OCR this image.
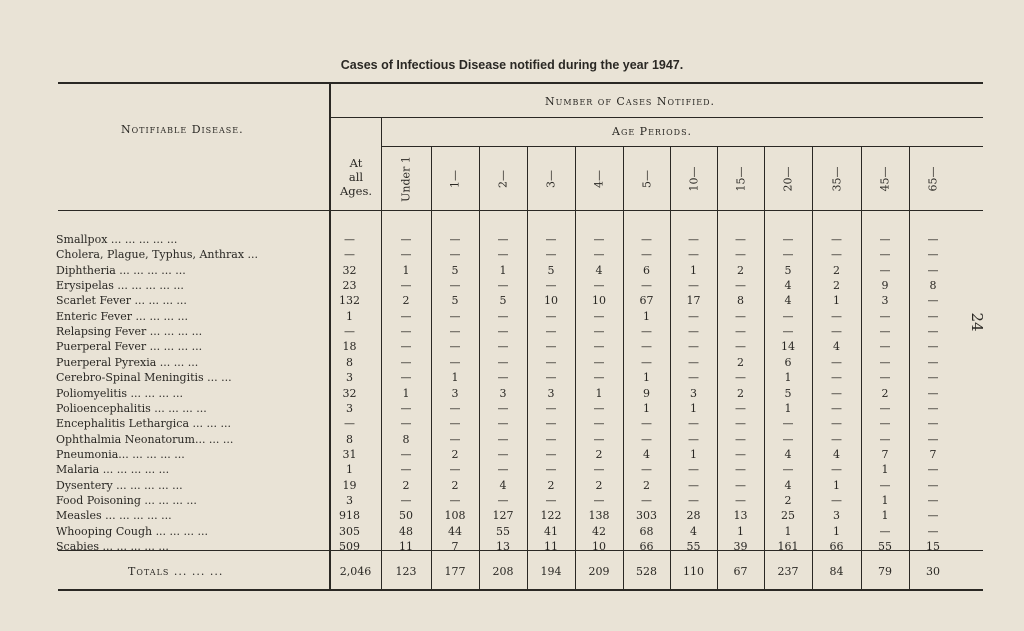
Cases of Infectious Disease notified during the year 1947.
24
Notifiable Disease.
Number of Cases Notified.
Age Periods.
At
all
Ages.	Under 1	1—	2—	3—	4—	5—	10—	15—	20—	35—	45—	65—
Smallpox ... ... ... ... ...	—	—	—	—	—	—	—	—	—	—	—	—	—
Cholera, Plague, Typhus, Anthrax ...	—	—	—	—	—	—	—	—	—	—	—	—	—
Diphtheria ... ... ... ... ...	32	1	5	1	5	4	6	1	2	5	2	—	—
Erysipelas ... ... ... ... ...	23	—	—	—	—	—	—	—	—	4	2	9	8
Scarlet Fever ... ... ... ...	132	2	5	5	10	10	67	17	8	4	1	3	—
Enteric Fever ... ... ... ...	1	—	—	—	—	—	1	—	—	—	—	—	—
Relapsing Fever ... ... ... ...	—	—	—	—	—	—	—	—	—	—	—	—	—
Puerperal Fever ... ... ... ...	18	—	—	—	—	—	—	—	—	14	4	—	—
Puerperal Pyrexia ... ... ...	8	—	—	—	—	—	—	—	2	6	—	—	—
Cerebro-Spinal Meningitis ... ...	3	—	1	—	—	—	1	—	—	1	—	—	—
Poliomyelitis ... ... ... ...	32	1	3	3	3	1	9	3	2	5	—	2	—
Polioencephalitis ... ... ... ...	3	—	—	—	—	—	1	1	—	1	—	—	—
Encephalitis Lethargica ... ... ...	—	—	—	—	—	—	—	—	—	—	—	—	—
Ophthalmia Neonatorum... ... ...	8	8	—	—	—	—	—	—	—	—	—	—	—
Pneumonia... ... ... ... ...	31	—	2	—	—	2	4	1	—	4	4	7	7
Malaria ... ... ... ... ...	1	—	—	—	—	—	—	—	—	—	—	1	—
Dysentery ... ... ... ... ...	19	2	2	4	2	2	2	—	—	4	1	—	—
Food Poisoning ... ... ... ...	3	—	—	—	—	—	—	—	—	2	—	1	—
Measles ... ... ... ... ...	918	50	108	127	122	138	303	28	13	25	3	1	—
Whooping Cough ... ... ... ...	305	48	44	55	41	42	68	4	1	1	1	—	—
Scabies ... ... ... ... ...	509	11	7	13	11	10	66	55	39	161	66	55	15
Totals ... ... ...	2,046	123	177	208	194	209	528	110	67	237	84	79	30
